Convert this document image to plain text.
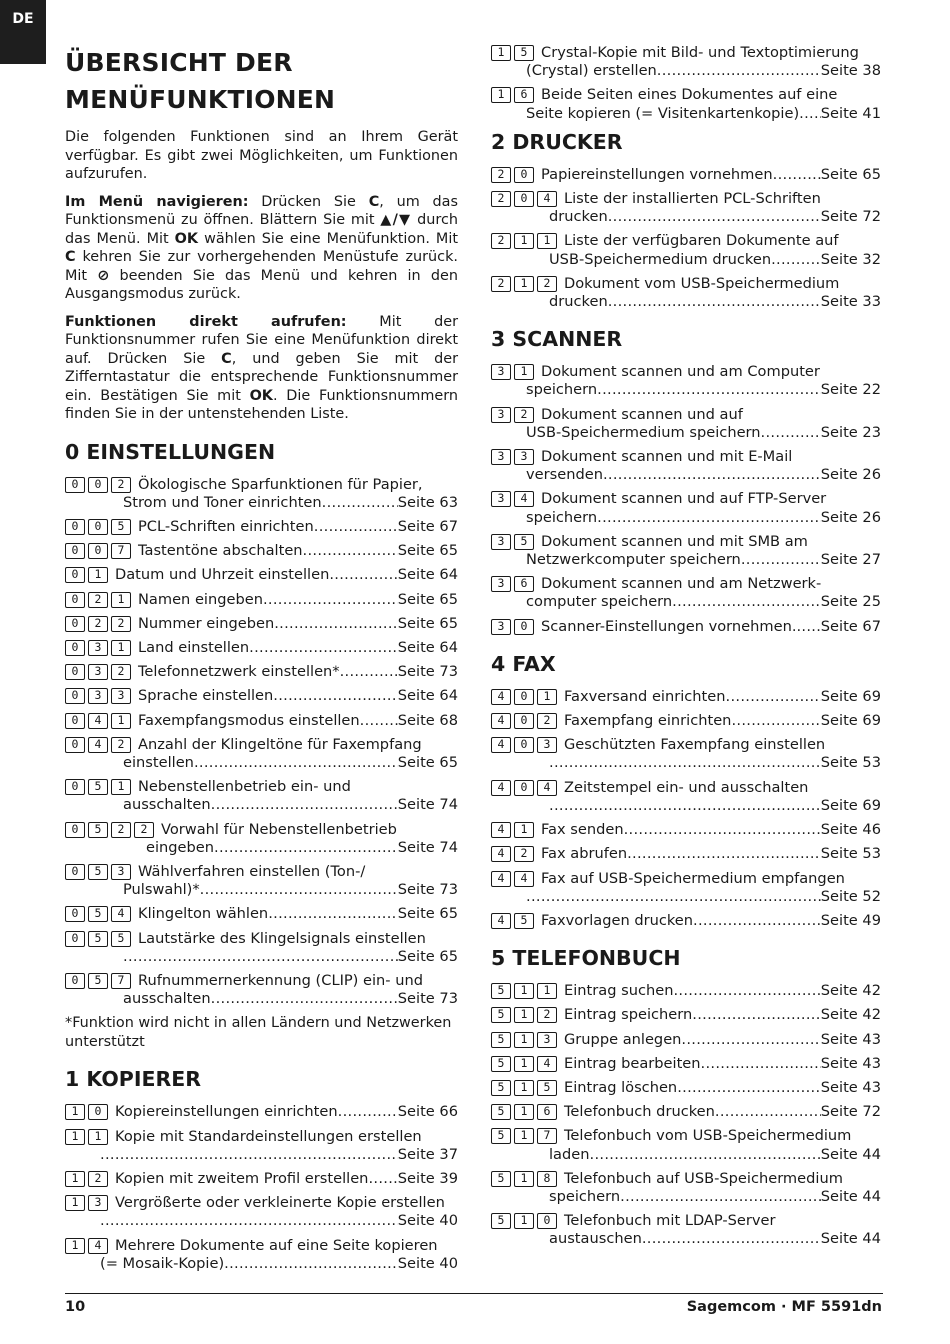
DE
ÜBERSICHT DER
MENÜFUNKTIONEN

Die folgenden Funktionen sind an Ihrem Gerät verfügbar. Es gibt zwei Möglichkeiten, um Funktionen aufzurufen.

Im Menü navigieren: Drücken Sie C, um das Funktionsmenü zu öffnen. Blättern Sie mit ▲/▼ durch das Menü. Mit OK wählen Sie eine Menüfunktion. Mit C kehren Sie zur vorhergehenden Menüstufe zurück. Mit ⊘ beenden Sie das Menü und kehren in den Ausgangsmodus zurück.

Funktionen direkt aufrufen: Mit der Funktionsnummer rufen Sie eine Menüfunktion direkt auf. Drücken Sie C, und geben Sie mit der Zifferntastatur die entsprechende Funktionsnummer ein. Bestätigen Sie mit OK. Die Funktionsnummern finden Sie in der untenstehenden Liste.

0 EINSTELLUNGEN
0	0	2 Ökologische Sparfunktionen für Papier,
Strom und Toner einrichten .....	Seite 63
0	0	5 PCL-Schriften einrichten .....	Seite 67
0	0	7 Tastentöne abschalten .....	Seite 65
0	1 Datum und Uhrzeit einstellen .....	Seite 64
0	2	1 Namen eingeben .....	Seite 65
0	2	2 Nummer eingeben .....	Seite 65
0	3	1 Land einstellen .....	Seite 64
0	3	2 Telefonnetzwerk einstellen* .....	Seite 73
0	3	3 Sprache einstellen .....	Seite 64
0	4	1 Faxempfangsmodus einstellen .....	Seite 68
0	4	2 Anzahl der Klingeltöne für Faxempfang
einstellen .....	Seite 65
0	5	1 Nebenstellenbetrieb ein- und
ausschalten .....	Seite 74
0	5	2	2 Vorwahl für Nebenstellenbetrieb
eingeben .....	Seite 74
0	5	3 Wählverfahren einstellen (Ton-/
Pulswahl)* .....	Seite 73
0	5	4 Klingelton wählen .....	Seite 65
0	5	5 Lautstärke des Klingelsignals einstellen
.....
Seite 65
0	5	7 Rufnummernerkennung (CLIP) ein- und
ausschalten .....	Seite 73

*Funktion wird nicht in allen Ländern und Netzwerken unterstützt

1 KOPIERER
1	0 Kopiereinstellungen einrichten .....	Seite 66
1	1 Kopie mit Standardeinstellungen erstellen
.....
Seite 37
1	2 Kopien mit zweitem Profil erstellen ..... Seite 39
1	3 Vergrößerte oder verkleinerte Kopie erstellen
.....
Seite 40
1	4 Mehrere Dokumente auf eine Seite kopieren
(= Mosaik-Kopie) .....	Seite 40
1	5 Crystal-Kopie mit Bild- und Textoptimierung
(Crystal) erstellen .....	Seite 38
1	6 Beide Seiten eines Dokumentes auf eine
Seite kopieren (= Visitenkartenkopie) ..... Seite 41
2 DRUCKER
2	0 Papiereinstellungen vornehmen .....	Seite 65
2	0	4 Liste der installierten PCL-Schriften
drucken .....	Seite 72
2	1	1 Liste der verfügbaren Dokumente auf
USB-Speichermedium drucken .....	Seite 32
2	1	2 Dokument vom USB-Speichermedium
drucken .....	Seite 33
3 SCANNER
3	1 Dokument scannen und am Computer
speichern .....	Seite 22
3	2 Dokument scannen und auf
USB-Speichermedium speichern .....	Seite 23
3	3 Dokument scannen und mit E-Mail
versenden .....	Seite 26
3	4 Dokument scannen und auf FTP-Server
speichern .....	Seite 26
3	5 Dokument scannen und mit SMB am
Netzwerkcomputer speichern .....	Seite 27
3	6 Dokument scannen und am Netzwerk-
computer speichern .....	Seite 25
3	0 Scanner-Einstellungen vornehmen. ..... Seite 67
4 FAX
4	0	1 Faxversand einrichten .....	Seite 69
4	0	2 Faxempfang einrichten .....	Seite 69
4	0	3 Geschützten Faxempfang einstellen
.....
Seite 53
4	0	4 Zeitstempel ein- und ausschalten
.....
Seite 69
4	1 Fax senden .....	Seite 46
4	2 Fax abrufen .....	Seite 53
4	4 Fax auf USB-Speichermedium empfangen
.....
Seite 52
4	5 Faxvorlagen drucken .....	Seite 49
5 TELEFONBUCH
5	1	1 Eintrag suchen .....	Seite 42
5	1	2 Eintrag speichern .....	Seite 42
5	1	3 Gruppe anlegen .....	Seite 43
5	1	4 Eintrag bearbeiten .....	Seite 43
5	1	5 Eintrag löschen .....	Seite 43
5	1	6 Telefonbuch drucken .....	Seite 72
5	1	7 Telefonbuch vom USB-Speichermedium
laden .....	Seite 44
5	1	8 Telefonbuch auf USB-Speichermedium
speichern .....	Seite 44
5	1	0 Telefonbuch mit LDAP-Server
austauschen .....	Seite 44
10	Sagemcom · MF 5591dn
